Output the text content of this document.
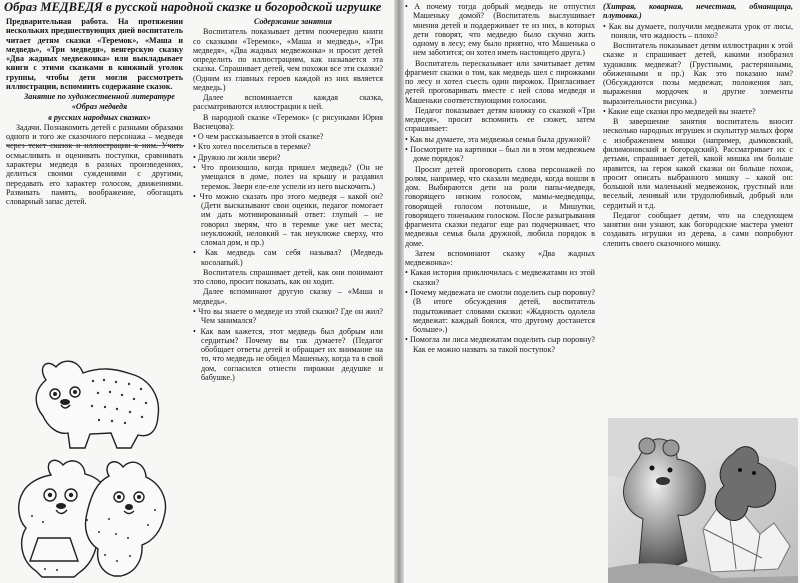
Образ МЕДВЕДЯ в русской народной сказке и богородской игрушке

Предварительная работа. На протяжении нескольких предшествующих дней воспитатель читает детям сказки «Теремок», «Маша и медведь», «Три медведя», венгерскую сказку «Два жадных медвежонка» или выкладывает книги с этими сказками в книжный уголок группы, чтобы дети могли рассмотреть иллюстрации, вспомнить содержание сказок.

Занятие по художественной литературе

«Образ медведя

в русских народных сказках»

Задачи. Познакомить детей с разными образами одного и того же сказочного персонажа – медведя осмысливать и оценивать поступки, сравнивать характеры медведя в разных произведениях, делиться своими суждениями с другими, передавать его характер голосом, движениями. Развивать память, воображение, обогащать словарный запас детей.

Содержание занятия

Воспитатель показывает детям поочередно книги со сказками «Теремок», «Маша и медведь», «Три медведя», «Два жадных медвежонка» и просит детей определить по иллюстрациям, как называется эта сказка. Спрашивает детей, чем похожи все эти сказки? (Одним из главных героев каждой из них является медведь.)

Далее вспоминается каждая сказка, рассматриваются иллюстрации к ней.

В народной сказке «Теремок» (с рисунками Юрия Васнецова):

• О чем рассказывается в этой сказке?

• Кто хотел поселиться в теремке?

• Дружно ли жили звери?

• Что произошло, когда пришел медведь? (Он не умещался в доме, полез на крышу и раздавил теремок. Звери еле-еле успели из него выскочить.)

• Что можно сказать про этого медведя – какой он? (Дети высказывают свои оценки, педагог помогает им дать мотивированный ответ: глупый – не говорил зверям, что в теремке уже нет места; неуклюжий, неловкий – так неуклюже сверху, что сломал дом, и пр.)

• Как медведь сам себя называл? (Медведь косолапый.)

Воспитатель спрашивает детей, как они понимают это слово, просит показать, как он ходит.

Далее вспоминают другую сказку – «Маша и медведь».

• Что вы знаете о медведе из этой сказки? Где он жил? Чем занимался?

• Как вам кажется, этот медведь был добрым или сердитым? Почему вы так думаете? (Педагог обобщает ответы детей и обращает их внимание на то, что медведь не обидел Машеньку, когда та в свой дом, согласился отнести пирожки дедушке и бабушке.)

• А почему тогда добрый медведь не отпустил Машеньку домой? (Воспитатель выслушивает мнения детей и поддерживает те из них, в которых дети говорят, что медведю было скучно жить одному в лесу; ему было приятно, что Машенька о нем заботится; он хотел иметь настоящего друга.)

Воспитатель пересказывает или зачитывает детям фрагмент сказки о том, как медведь шел с пирожками по лесу и хотел съесть один пирожок. Пригласивает детей проговаривать вместе с ней слова медведя и Машеньки соответствующими голосами.

Педагог показывает детям книжку со сказкой «Три медведя», просит вспомнить ее сюжет, затем спрашивает:

• Как вы думаете, эта медвежья семья была дружной?

• Посмотрите на картинки – был ли в этом медвежьем доме порядок?

Просит детей проговорить слова персонажей по ролям, например, что сказали медведи, когда вошли в дом. Выбираются дети на роли папы-медведя, говорящего низким голосом, мамы-медведицы, говорящей голосом потоньше, и Мишутки, говорящего тоненьким голоском. После разыгрывания фрагмента сказки педагог еще раз подчеркивает, что медвежья семья была дружной, любила порядок в доме.

Затем вспоминают сказку «Два жадных медвежонка»:

• Какая история приключилась с медвежатами из этой сказки?

• Почему медвежата не смогли поделить сыр поровну? (В итоге обсуждения детей, воспитатель подытоживает словами сказки: «Жадность одолела медвежат: каждый боялся, что другому достанется больше».)

• Помогла ли лиса медвежатам поделить сыр поровну? Как ее можно назвать за такой поступок?

(Хитрая, коварная, нечестная, обманщица, плутовка.)

• Как вы думаете, получили медвежата урок от лисы, поняли, что жадность – плохо?

Воспитатель показывает детям иллюстрации к этой сказке и спрашивает детей, какими изобразил художник медвежат? (Грустными, растерянными, обиженными и пр.) Как это показано нам? (Обсуждаются позы медвежат, положения лап, выражения мордочек и другие элементы выразительности рисунка.)

• Какие еще сказки про медведей вы знаете?

В завершение занятия воспитатель вносит несколько народных игрушек и скульптур малых форм с изображением мишки (например, дымковский, филимоновский и богородский). Рассматривает их с детьми, спрашивает детей, какой мишка им больше нравится, на героя какой сказки он больше похож, просит описать выбранного мишку – какой он: большой или маленький медвежонок, грустный или веселый, ленивый или трудолюбивый, добрый или сердитый и т.д.

Педагог сообщает детям, что на следующем занятии они узнают, как богородские мастера умеют создавать игрушки из дерева, а сами попробуют слепить своего сказочного мишку.
